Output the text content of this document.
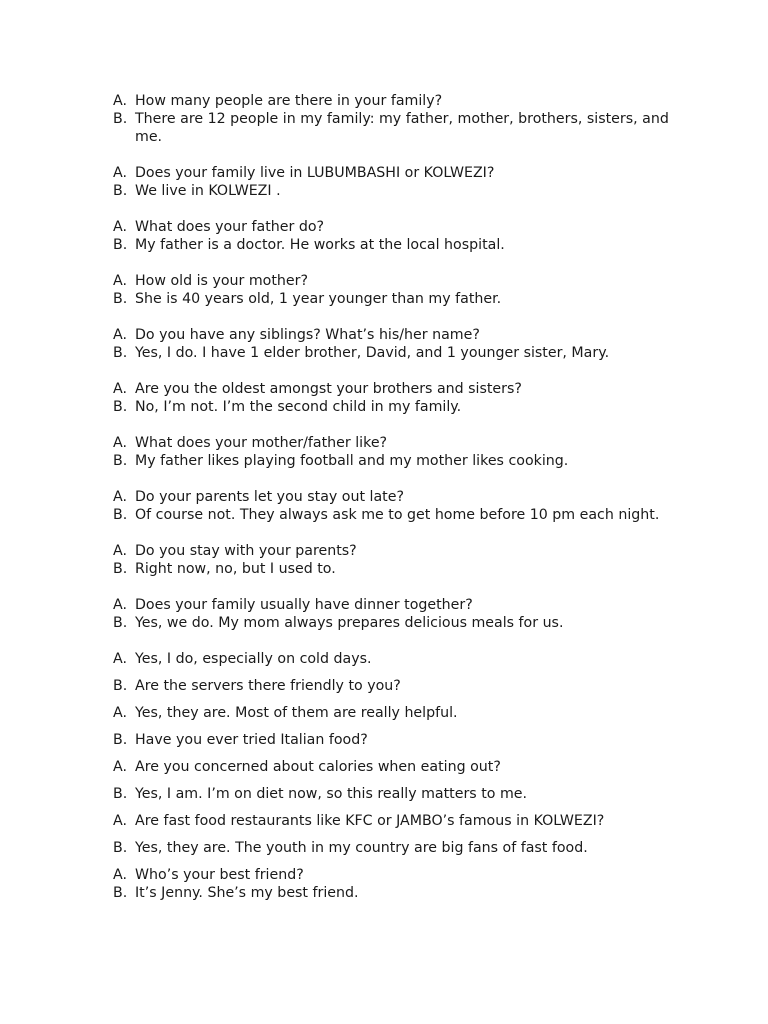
A. How many people are there in your family?
B. There are 12 people in my family: my father, mother, brothers, sisters, and me.
A. Does your family live in LUBUMBASHI or KOLWEZI?
B. We live in KOLWEZI .
A. What does your father do?
B. My father is a doctor. He works at the local hospital.
A. How old is your mother?
B. She is 40 years old, 1 year younger than my father.
A. Do you have any siblings? What’s his/her name?
B. Yes, I do. I have 1 elder brother, David, and 1 younger sister, Mary.
A. Are you the oldest amongst your brothers and sisters?
B. No, I’m not. I’m the second child in my family.
A. What does your mother/father like?
B. My father likes playing football and my mother likes cooking.
A. Do your parents let you stay out late?
B. Of course not. They always ask me to get home before 10 pm each night.
A. Do you stay with your parents?
B. Right now, no, but I used to.
A. Does your family usually have dinner together?
B. Yes, we do. My mom always prepares delicious meals for us.
A. Yes, I do, especially on cold days.
B. Are the servers there friendly to you?
A. Yes, they are. Most of them are really helpful.
B. Have you ever tried Italian food?
A. Are you concerned about calories when eating out?
B. Yes, I am. I’m on diet now, so this really matters to me.
A. Are fast food restaurants like KFC or JAMBO’s famous in KOLWEZI?
B. Yes, they are. The youth in my country are big fans of fast food.
A. Who’s your best friend?
B. It’s Jenny. She’s my best friend.
